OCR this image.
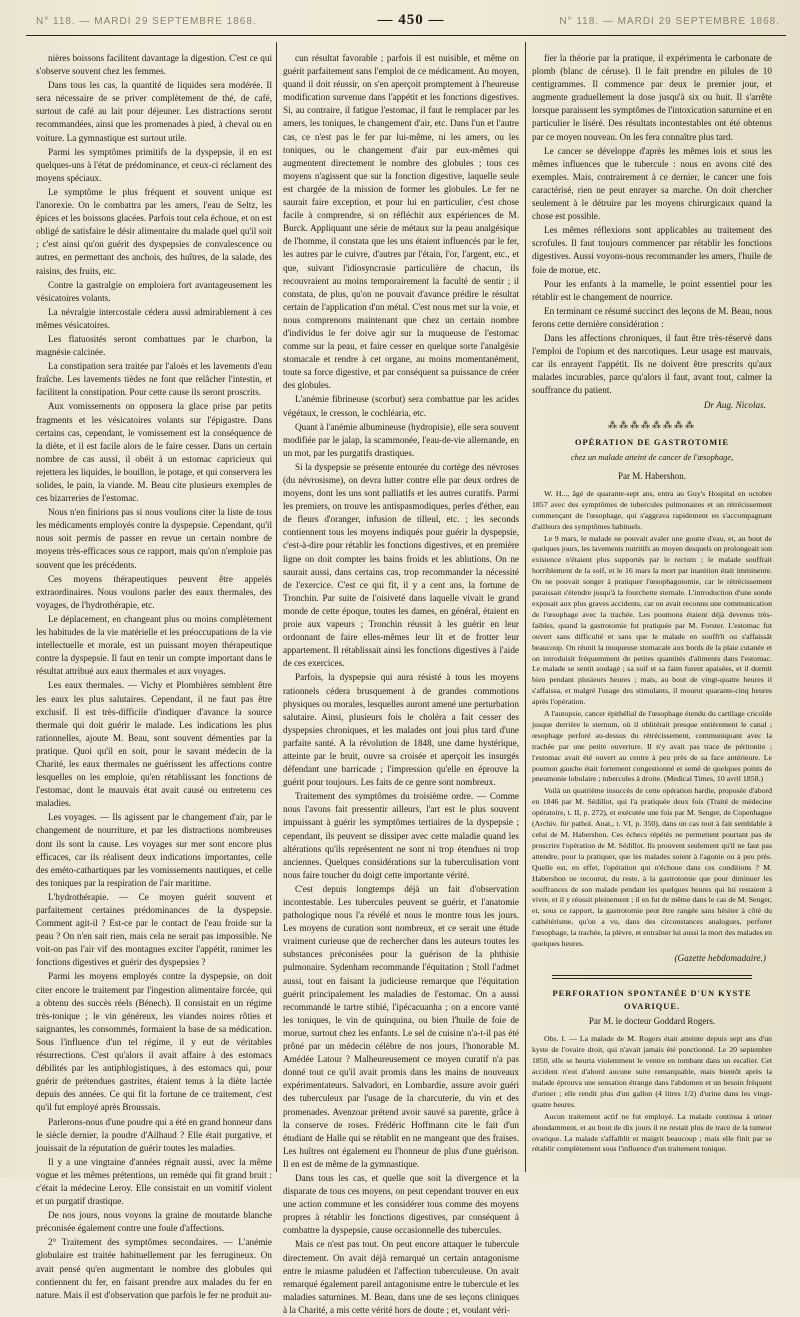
N° 118. — MARDI 29 SEPTEMBRE 1868.	— 450 —	N° 118. — MARDI 29 SEPTEMBRE 1868.

nières boissons facilitent davantage la digestion. C'est ce qui s'observe souvent chez les femmes.

Dans tous les cas, la quantité de liquides sera modérée. Il sera nécessaire de se priver complètement de thé, de café, surtout de café au lait pour déjeuner. Les distractions seront recommandées, ainsi que les promenades à pied, à cheval ou en voiture. La gymnastique est surtout utile.

Parmi les symptômes primitifs de la dyspepsie, il en est quelques-uns à l'état de prédominance, et ceux-ci réclament des moyens spéciaux.

Le symptôme le plus fréquent et souvent unique est l'anorexie. On le combattra par les amers, l'eau de Seltz, les épices et les boissons glacées. Parfois tout cela échoue, et on est obligé de satisfaire le désir alimentaire du malade quel qu'il soit ; c'est ainsi qu'on guérit des dyspepsies de convalescence ou autres, en permettant des anchois, des huîtres, de la salade, des raisins, des fruits, etc.

Contre la gastralgie on emploiera fort avantageusement les vésicatoires volants.

La névralgie intercostale cédera aussi admirablement à ces mêmes vésicatoires.

Les flatuosités seront combattues par le charbon, la magnésie calcinée.

La constipation sera traitée par l'aloès et les lavements d'eau fraîche. Les lavements tièdes ne font que relâcher l'intestin, et facilitent la constipation. Pour cette cause ils seront proscrits.

Aux vomissements on opposera la glace prise par petits fragments et les vésicatoires volants sur l'épigastre. Dans certains cas, cependant, le vomissement est la conséquence de la diète, et il est facile alors de le faire cesser. Dans un certain nombre de cas aussi, il obéit à un estomac capricieux qui rejettera les liquides, le bouillon, le potage, et qui conservera les solides, le pain, la viande. M. Beau cite plusieurs exemples de ces bizarreries de l'estomac.

Nous n'en finirions pas si nous voulions citer la liste de tous les médicaments employés contre la dyspepsie. Cependant, qu'il nous soit permis de passer en revue un certain nombre de moyens très-efficaces sous ce rapport, mais qu'on n'emploie pas souvent que les précédents.

Ces moyens thérapeutiques peuvent être appelés extraordinaires. Nous voulons parler des eaux thermales, des voyages, de l'hydrothérapie, etc.

Le déplacement, en changeant plus ou moins complètement les habitudes de la vie matérielle et les préoccupations de la vie intellectuelle et morale, est un puissant moyen thérapeutique contre la dyspepsie. Il faut en tenir un compte important dans le résultat attribué aux eaux thermales et aux voyages.

Les eaux thermales. — Vichy et Plombières semblent être les eaux les plus salutaires. Cependant, il ne faut pas être exclusif. Il est très-difficile d'indiquer d'avance la source thermale qui doit guérir le malade. Les indications les plus rationnelles, ajoute M. Beau, sont souvent démenties par la pratique. Quoi qu'il en soit, pour le savant médecin de la Charité, les eaux thermales ne guérissent les affections contre lesquelles on les emploie, qu'en rétablissant les fonctions de l'estomac, dont le mauvais état avait causé ou entretenu ces maladies.

Les voyages. — Ils agissent par le changement d'air, par le changement de nourriture, et par les distractions nombreuses dont ils sont la cause. Les voyages sur mer sont encore plus efficaces, car ils réalisent deux indications importantes, celle des eméto-cathartiques par les vomissements nautiques, et celle des toniques par la respiration de l'air maritime.

L'hydrothérapie. — Ce moyen guérit souvent et parfaitement certaines prédominances de la dyspepsie. Comment agit-il ? Est-ce par le contact de l'eau froide sur la peau ? On n'en sait rien, mais cela ne serait pas impossible. Ne voit-on pas l'air vif des montagnes exciter l'appétit, ranimer les fonctions digestives et guérir des dyspepsies ?

Parmi les moyens employés contre la dyspepsie, on doit citer encore le traitement par l'ingestion alimentaire forcée, qui a obtenu des succès réels (Bénech). Il consistait en un régime très-tonique ; le vin généreux, les viandes noires rôties et saignantes, les consommés, formaient la base de sa médication. Sous l'influence d'un tel régime, il y eut de véritables résurrections. C'est qu'alors il avait affaire à des estomacs débilités par les antiphlogistiques, à des estomacs qui, pour guérir de prétendues gastrites, étaient tenus à la diète lactée depuis des années. Ce qui fit la fortune de ce traitement, c'est qu'il fut employé après Broussais.

Parlerons-nous d'une poudre qui a été en grand honneur dans le siècle dernier, la poudre d'Ailhaud ? Elle était purgative, et jouissait de la réputation de guérir toutes les maladies.

Il y a une vingtaine d'années régnait aussi, avec la même vogue et les mêmes prétentions, un remède qui fit grand bruit : c'était la médecine Leroy. Elle consistait en un vomitif violent et un purgatif drastique.

De nos jours, nous voyons la graine de moutarde blanche préconisée également contre une foule d'affections.

2° Traitement des symptômes secondaires. — L'anémie globulaire est traitée habituellement par les ferrugineux. On avait pensé qu'en augmentant le nombre des globules qui contiennent du fer, en faisant prendre aux malades du fer en nature. Mais il est d'observation que parfois le fer ne produit au-

cun résultat favorable ; parfois il est nuisible, et même on guérit parfaitement sans l'emploi de ce médicament. Au moyen, quand il doit réussir, on s'en aperçoit promptement à l'heureuse modification survenue dans l'appétit et les fonctions digestives. Si, au contraire, il fatigue l'estomac, il faut le remplacer par les amers, les toniques, le changement d'air, etc. Dans l'un et l'autre cas, ce n'est pas le fer par lui-même, ni les amers, ou les toniques, ou le changement d'air par eux-mêmes qui augmentent directement le nombre des globules ; tous ces moyens n'agissent que sur la fonction digestive, laquelle seule est chargée de la mission de former les globules. Le fer ne saurait faire exception, et pour lui en particulier, c'est chose facile à comprendre, si on réfléchit aux expériences de M. Burck. Appliquant une série de métaux sur la peau analgésique de l'homme, il constata que les uns étaient influencés par le fer, les autres par le cuivre, d'autres par l'étain, l'or, l'argent, etc., et que, suivant l'idiosyncrasie particulière de chacun, ils recouvraient au moins temporairement la faculté de sentir ; il constata, de plus, qu'on ne pouvait d'avance prédire le résultat certain de l'application d'un métal. C'est nous met sur la voie, et nous comprenons maintenant que chez un certain nombre d'individus le fer doive agir sur la muqueuse de l'estomac comme sur la peau, et faire cesser en quelque sorte l'analgésie stomacale et rendre à cet organe, au moins momentanément, toute sa force digestive, et par conséquent sa puissance de créer des globules.

L'anémie fibrineuse (scorbut) sera combattue par les acides végétaux, le cresson, le cochléaria, etc.

Quant à l'anémie albumineuse (hydropisie), elle sera souvent modifiée par le jalap, la scammonée, l'eau-de-vie allemande, en un mot, par les purgatifs drastiques.

Si la dyspepsie se présente entourée du cortège des névroses (du névrosisme), on devra lutter contre elle par deux ordres de moyens, dont les uns sont palliatifs et les autres curatifs. Parmi les premiers, on trouve les antispasmodiques, perles d'éther, eau de fleurs d'oranger, infusion de tilleul, etc. ; les seconds contiennent tous les moyens indiqués pour guérir la dyspepsie, c'est-à-dire pour rétablir les fonctions digestives, et en première ligne on doit compter les bains froids et les ablutions. On ne saurait aussi, dans certains cas, trop recommander la nécessité de l'exercice. C'est ce qui fit, il y a cent ans, la fortune de Tronchin. Par suite de l'oisiveté dans laquelle vivait le grand monde de cette époque, toutes les dames, en général, étaient en proie aux vapeurs ; Tronchin réussit à les guérir en leur ordonnant de faire elles-mêmes leur lit et de frotter leur appartement. Il rétablissait ainsi les fonctions digestives à l'aide de ces exercices.

Parfois, la dyspepsie qui aura résisté à tous les moyens rationnels cédera brusquement à de grandes commotions physiques ou morales, lesquelles auront amené une perturbation salutaire. Ainsi, plusieurs fois le choléra a fait cesser des dyspepsies chroniques, et les malades ont joui plus tard d'une parfaite santé. A la révolution de 1848, une dame hystérique, atteinte par le bruit, ouvre sa croisée et aperçoit les insurgés défendant une barricade ; l'impression qu'elle en éprouve la guérit pour toujours. Les faits de ce genre sont nombreux.

Traitement des symptômes du troisième ordre. — Comme nous l'avons fait pressentir ailleurs, l'art est le plus souvent impuissant à guérir les symptômes tertiaires de la dyspepsie ; cependant, ils peuvent se dissiper avec cette maladie quand les altérations qu'ils représentent ne sont ni trop étendues ni trop anciennes. Quelques considérations sur la tuberculisation vont nous faire toucher du doigt cette importante vérité.

C'est depuis longtemps déjà un fait d'observation incontestable. Les tubercules peuvent se guérir, et l'anatomie pathologique nous l'a révélé et nous le montre tous les jours. Les moyens de curation sont nombreux, et ce serait une étude vraiment curieuse que de rechercher dans les auteurs toutes les substances préconisées pour la guérison de la phthisie pulmonaire. Sydenham recommande l'équitation ; Stoll l'admet aussi, tout en faisant la judicieuse remarque que l'équitation guérit principalement les maladies de l'estomac. On a aussi recommandé le tartre stibié, l'ipécacuanha ; on a encore vanté les toniques, le vin de quinquina, ou bien l'huile de foie de morue, surtout chez les enfants. Le sel de cuisine n'a-t-il pas été prôné par un médecin célèbre de nos jours, l'honorable M. Amédée Latour ? Malheureusement ce moyen curatif n'a pas donné tout ce qu'il avait promis dans les mains de nouveaux expérimentateurs. Salvadori, en Lombardie, assure avoir guéri des tuberculeux par l'usage de la charcuterie, du vin et des promenades. Avenzoar prétend avoir sauvé sa parente, grâce à la conserve de roses. Frédéric Hoffmann cite le fait d'un étudiant de Halle qui se rétablit en ne mangeant que des fraises. Les huîtres ont également eu l'honneur de plus d'une guérison. Il en est de même de la gymnastique.

Dans tous les cas, et quelle que soit la divergence et la disparate de tous ces moyens, on peut cependant trouver en eux une action commune et les considérer tous comme des moyens propres à rétablir les fonctions digestives, par conséquent à combattre la dyspepsie, cause occasionnelle des tubercules.

Mais ce n'est pas tout. On peut encore attaquer le tubercule directement. On avait déjà remarqué un certain antagonisme entre le miasme paludéen et l'affection tuberculeuse. On avait remarqué également pareil antagonisme entre le tubercule et les maladies saturnines. M. Beau, dans une de ses leçons cliniques à la Charité, a mis cette vérité hors de doute ; et, voulant véri-

fier la théorie par la pratique, il expérimenta le carbonate de plomb (blanc de céruse). Il le fait prendre en pilules de 10 centigrammes. Il commence par deux le premier jour, et augmente graduellement la dose jusqu'à six ou huit. Il s'arrête lorsque paraissent les symptômes de l'intoxication saturnine et en particulier le liséré. Des résultats incontestables ont été obtenus par ce moyen nouveau. On les fera connaître plus tard.

Le cancer se développe d'après les mêmes lois et sous les mêmes influences que le tubercule : nous en avons cité des exemples. Mais, contrairement à ce dernier, le cancer une fois caractérisé, rien ne peut enrayer sa marche. On doit chercher seulement à le détruire par les moyens chirurgicaux quand la chose est possible.

Les mêmes réflexions sont applicables au traitement des scrofules. Il faut toujours commencer par rétablir les fonctions digestives. Aussi voyons-nous recommander les amers, l'huile de foie de morue, etc.

Pour les enfants à la mamelle, le point essentiel pour les rétablir est le changement de nourrice.

En terminant ce résumé succinct des leçons de M. Beau, nous ferons cette dernière considération :

Dans les affections chroniques, il faut être très-réservé dans l'emploi de l'opium et des narcotiques. Leur usage est mauvais, car ils enrayent l'appétit. Ils ne doivent être prescrits qu'aux malades incurables, parce qu'alors il faut, avant tout, calmer la souffrance du patient.

Dr Aug. Nicolas.
⁂⁂⁂⁂⁂⁂⁂⁂
OPÉRATION DE GASTROTOMIE
chez un malade atteint de cancer de l'œsophage,
Par M. Habershon.

W. H..., âgé de quarante-sept ans, entra au Guy's Hospital en octobre 1857 avec des symptômes de tubercules pulmonaires et un rétrécissement commençant de l'œsophage, qui s'aggrava rapidement en s'accompagnant d'ailleurs des symptômes habituels.

Le 9 mars, le malade ne pouvait avaler une goutte d'eau, et, au bout de quelques jours, les lavements nutritifs au moyen desquels on prolongeait son existence n'étaient plus supportés par le rectum ; le malade souffrait horriblement de la soif, et le 16 mars la mort par inanition était imminente. On ne pouvait songer à pratiquer l'œsophagotomie, car le rétrécissement paraissait s'étendre jusqu'à la fourchette sternale. L'introduction d'une sonde exposait aux plus graves accidents, car on avait reconnu une communication de l'œsophage avec la trachée. Les poumons étaient déjà devenus très-faibles, quand la gastrotomie fut pratiquée par M. Forster. L'estomac fut ouvert sans difficulté et sans que le malade en souffrît ou s'affaissât beaucoup. On réunit la muqueuse stomacale aux bords de la plaie cutanée et on introduisit fréquemment de petites quantités d'aliments dans l'estomac. Le malade se sentit soulagé ; sa soif et sa faim furent apaisées, et il dormit bien pendant plusieurs heures ; mais, au bout de vingt-quatre heures il s'affaissa, et malgré l'usage des stimulants, il mourut quarante-cinq heures après l'opération.

A l'autopsie, cancer épithélial de l'œsophage étendu du cartilage cricoïde jusque derrière le sternum, où il oblitérait presque entièrement le canal ; œsophage perforé au-dessus du rétrécissement, communiquant avec la trachée par une petite ouverture. Il n'y avait pas trace de péritonite ; l'estomac avait été ouvert au centre à peu près de sa face antérieure. Le poumon gauche était fortement congestionné et semé de quelques points de pneumonie lobulaire ; tubercules à droite. (Medical Times, 10 avril 1858.)

Voilà un quatrième insuccès de cette opération hardie, proposée d'abord en 1846 par M. Sédillot, qui l'a pratiquée deux fois (Traité de médecine opératoire, t. II, p. 272), et exécutée une fois par M. Senger, de Copenhague (Archiv. für pathol. Anat., t. VI, p. 350), dans un cas tout à fait semblable à celui de M. Habershon. Ces échecs répétés ne permettent pourtant pas de proscrire l'opération de M. Sédillot. Ils prouvent seulement qu'il ne faut pas attendre, pour la pratiquer, que les malades soient à l'agonie ou à peu près. Quelle est, en effet, l'opération qui n'échoue dans ces conditions ? M. Habershon ne recourut, du reste, à la gastrotomie que pour diminuer les souffrances de son malade pendant les quelques heures qui lui restaient à vivre, et il y réussit pleinement ; il en fut de même dans le cas de M. Senger, et, sous ce rapport, la gastrotomie peut être rangée sans hésiter à côté du cathétérisme, qu'on a vu, dans des circonstances analogues, perforer l'œsophage, la trachée, la plèvre, et entraîner lui aussi la mort des malades en quelques heures.

(Gazette hebdomadaire.)
PERFORATION SPONTANÉE D'UN KYSTE OVARIQUE.
Par M. le docteur Goddard Rogers.

Obs. I. — La malade de M. Rogers était atteinte depuis sept ans d'un kyste de l'ovaire droit, qui n'avait jamais été ponctionné. Le 20 septembre 1850, elle se heurta violemment le ventre en tombant dans un escalier. Cet accident n'eut d'abord aucune suite remarquable, mais bientôt après la malade éprouva une sensation étrange dans l'abdomen et un besoin fréquent d'uriner ; elle rendit plus d'un gallon (4 litres 1/2) d'urine dans les vingt-quatre heures.

Aucun traitement actif ne fut employé. La malade continua à uriner abondamment, et au bout de dix jours il ne restait plus de trace de la tumeur ovarique. La malade s'affaiblit et maigrit beaucoup ; mais elle finit par se rétablir complètement sous l'influence d'un traitement tonique.
